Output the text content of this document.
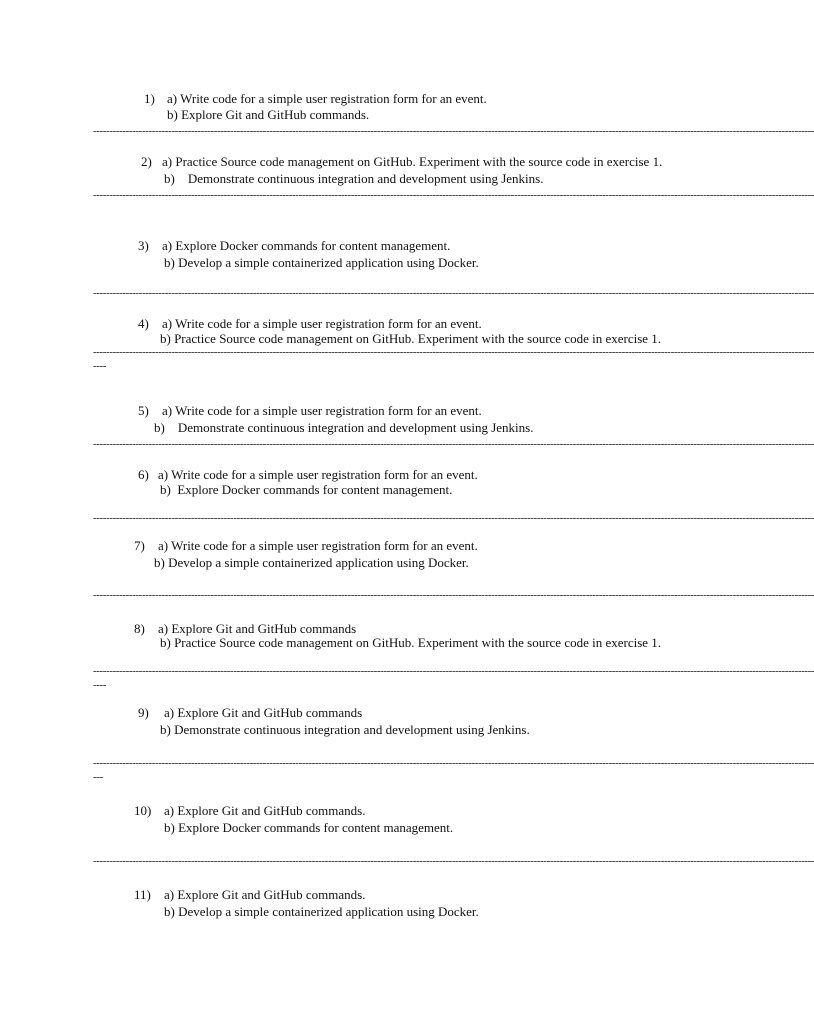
1) a) Write code for a simple user registration form for an event.
b) Explore Git and GitHub commands.
-----------------------------------------------------------------------------------------------------------------------------------------------------------------------------------------------------------------------------
2) a) Practice Source code management on GitHub. Experiment with the source code in exercise 1.
b)    Demonstrate continuous integration and development using Jenkins.
-----------------------------------------------------------------------------------------------------------------------------------------------------------------------------------------------------------------------------
3) a) Explore Docker commands for content management.
b) Develop a simple containerized application using Docker.
-----------------------------------------------------------------------------------------------------------------------------------------------------------------------------------------------------------------------------
4) a) Write code for a simple user registration form for an event.
b) Practice Source code management on GitHub. Experiment with the source code in exercise 1.
-----------------------------------------------------------------------------------------------------------------------------------------------------------------------------------------------------------------------------
----
5) a) Write code for a simple user registration form for an event.
b)    Demonstrate continuous integration and development using Jenkins.
-----------------------------------------------------------------------------------------------------------------------------------------------------------------------------------------------------------------------------
6) a) Write code for a simple user registration form for an event.
b)  Explore Docker commands for content management.
-----------------------------------------------------------------------------------------------------------------------------------------------------------------------------------------------------------------------------
7) a) Write code for a simple user registration form for an event.
b) Develop a simple containerized application using Docker.
-----------------------------------------------------------------------------------------------------------------------------------------------------------------------------------------------------------------------------
8) a) Explore Git and GitHub commands
b) Practice Source code management on GitHub. Experiment with the source code in exercise 1.
-----------------------------------------------------------------------------------------------------------------------------------------------------------------------------------------------------------------------------
----
9) a) Explore Git and GitHub commands
b) Demonstrate continuous integration and development using Jenkins.
-----------------------------------------------------------------------------------------------------------------------------------------------------------------------------------------------------------------------------
---
10) a) Explore Git and GitHub commands.
b) Explore Docker commands for content management.
-----------------------------------------------------------------------------------------------------------------------------------------------------------------------------------------------------------------------------
11) a) Explore Git and GitHub commands.
b) Develop a simple containerized application using Docker.
